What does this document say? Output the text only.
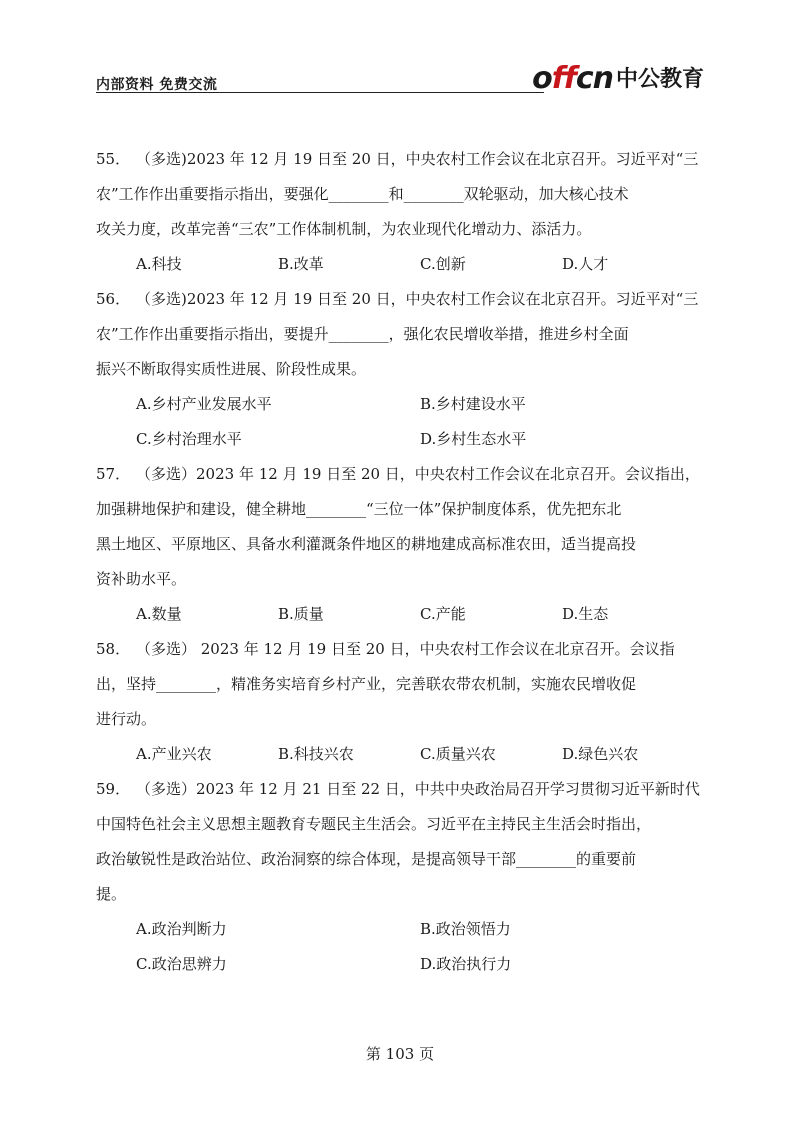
内部资料 免费交流	offcn 中公教育

55． （多选)2023 年 12 月 19 日至 20 日，中央农村工作会议在北京召开。习近平对“三

农”工作作出重要指示指出，要强化________和________双轮驱动，加大核心技术

攻关力度，改革完善“三农”工作体制机制，为农业现代化增动力、添活力。

A.科技	B.改革	C.创新	D.人才

56． （多选)2023 年 12 月 19 日至 20 日，中央农村工作会议在北京召开。习近平对“三

农”工作作出重要指示指出，要提升________，强化农民增收举措，推进乡村全面

振兴不断取得实质性进展、阶段性成果。

A.乡村产业发展水平	B.乡村建设水平
C.乡村治理水平	D.乡村生态水平

57． （多选）2023 年 12 月 19 日至 20 日，中央农村工作会议在北京召开。会议指出，

加强耕地保护和建设，健全耕地________“三位一体”保护制度体系，优先把东北

黑土地区、平原地区、具备水利灌溉条件地区的耕地建成高标准农田，适当提高投

资补助水平。

A.数量	B.质量	C.产能	D.生态

58． （多选） 2023 年 12 月 19 日至 20 日，中央农村工作会议在北京召开。会议指

出，坚持________，精准务实培育乡村产业，完善联农带农机制，实施农民增收促

进行动。

A.产业兴农	B.科技兴农	C.质量兴农	D.绿色兴农

59． （多选）2023 年 12 月 21 日至 22 日，中共中央政治局召开学习贯彻习近平新时代

中国特色社会主义思想主题教育专题民主生活会。习近平在主持民主生活会时指出，

政治敏锐性是政治站位、政治洞察的综合体现，是提高领导干部________的重要前

提。

A.政治判断力	B.政治领悟力
C.政治思辨力	D.政治执行力
第 103 页
